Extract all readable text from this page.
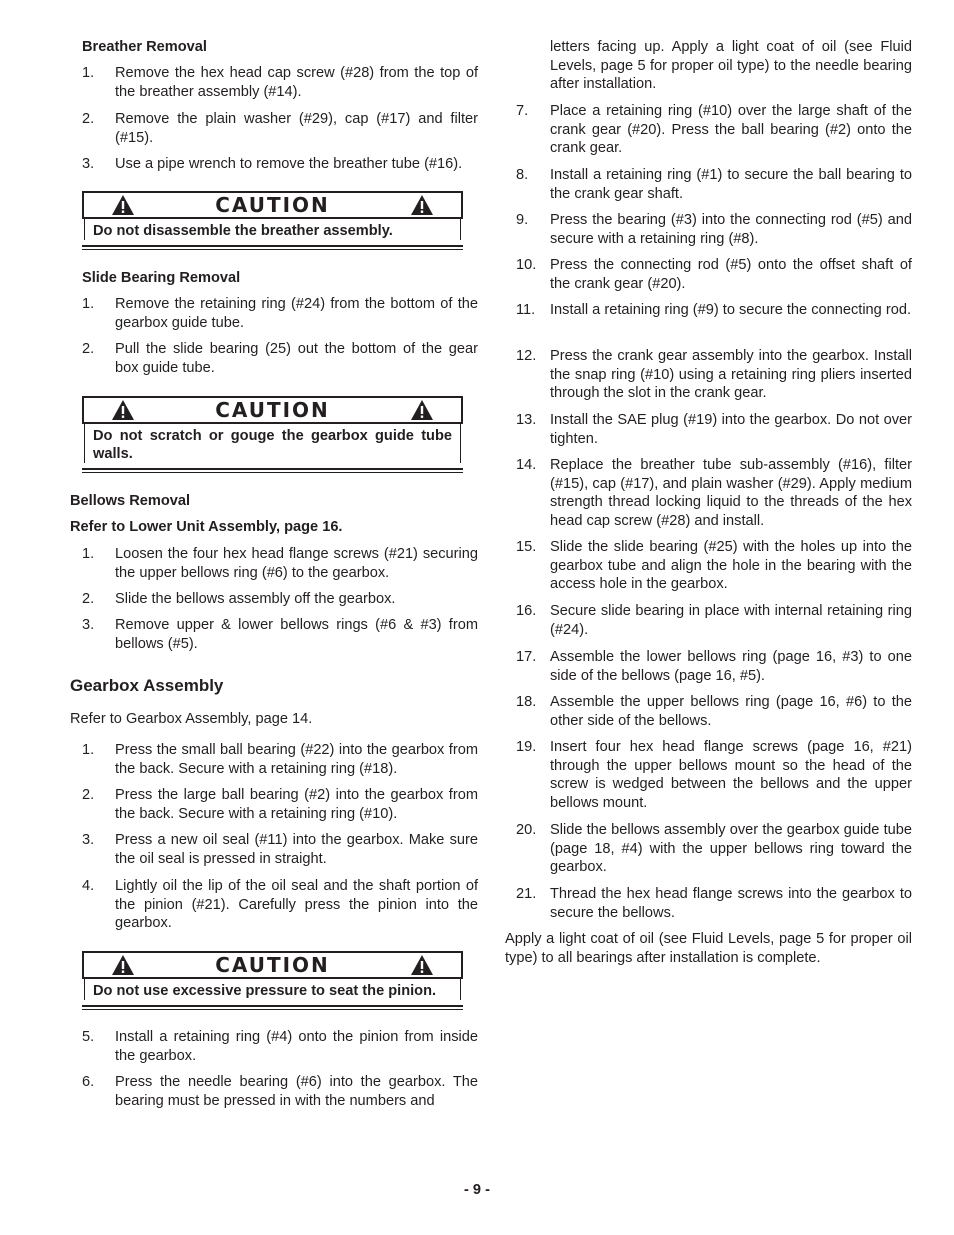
Breather Removal
1.	Remove the hex head cap screw (#28) from the top of the breather assembly (#14).
2.	Remove the plain washer (#29), cap (#17) and filter (#15).
3.	Use a pipe wrench to remove the breather tube (#16).
CAUTION
Do not disassemble the breather assembly.
Slide Bearing Removal
1.	Remove the retaining ring (#24) from the bottom of the gearbox guide tube.
2.	Pull the slide bearing (25) out the bottom of the gear box guide tube.
CAUTION
Do not scratch or gouge the gearbox guide tube walls.
Bellows Removal
Refer to Lower Unit Assembly, page 16.
1.	Loosen the four hex head flange screws (#21) securing the upper bellows ring (#6) to the gearbox.
2.	Slide the bellows assembly off the gearbox.
3.	Remove upper & lower bellows rings (#6 & #3) from bellows (#5).
Gearbox Assembly
Refer to Gearbox Assembly, page 14.
1.	Press the small ball bearing (#22) into the gearbox from the back. Secure with a retaining ring (#18).
2.	Press the large ball bearing (#2) into the gearbox from the back. Secure with a retaining ring (#10).
3.	Press a new oil seal (#11) into the gearbox. Make sure the oil seal is pressed in straight.
4.	Lightly oil the lip of the oil seal and the shaft portion of the pinion (#21). Carefully press the pinion into the gearbox.
CAUTION
Do not use excessive pressure to seat the pinion.
5.	Install a retaining ring (#4) onto the pinion from inside the gearbox.
6.	Press the needle bearing (#6) into the gearbox. The bearing must be pressed in with the numbers and
letters facing up. Apply a light coat of oil (see Fluid Levels, page 5 for proper oil type) to the needle bearing after installation.
7.	Place a retaining ring (#10) over the large shaft of the crank gear (#20). Press the ball bearing (#2) onto the crank gear.
8.	Install a retaining ring (#1) to secure the ball bearing to the crank gear shaft.
9.	Press the bearing (#3) into the connecting rod (#5) and secure with a retaining ring (#8).
10. Press the connecting rod (#5) onto the offset shaft of the crank gear (#20).
11.	Install a retaining ring (#9) to secure the connecting rod.
12. Press the crank gear assembly into the gearbox. Install the snap ring (#10) using a retaining ring pliers inserted through the slot in the crank gear.
13. Install the SAE plug (#19) into the gearbox. Do not over tighten.
14. Replace the breather tube sub-assembly (#16), filter (#15), cap (#17), and plain washer (#29). Apply medium strength thread locking liquid to the threads of the hex head cap screw (#28) and install.
15. Slide the slide bearing (#25) with the holes up into the gearbox tube and align the hole in the bearing with the access hole in the gearbox.
16. Secure slide bearing in place with internal retaining ring (#24).
17. Assemble the lower bellows ring (page 16, #3) to one side of the bellows (page 16, #5).
18. Assemble the upper bellows ring (page 16, #6) to the other side of the bellows.
19. Insert four hex head flange screws (page 16, #21) through the upper bellows mount so the head of the screw is wedged between the bellows and the upper bellows mount.
20. Slide the bellows assembly over the gearbox guide tube (page 18, #4) with the upper bellows ring toward the gearbox.
21. Thread the hex head flange screws into the gearbox to secure the bellows.
Apply a light coat of oil (see Fluid Levels, page 5 for proper oil type) to all bearings after installation is complete.
- 9 -
